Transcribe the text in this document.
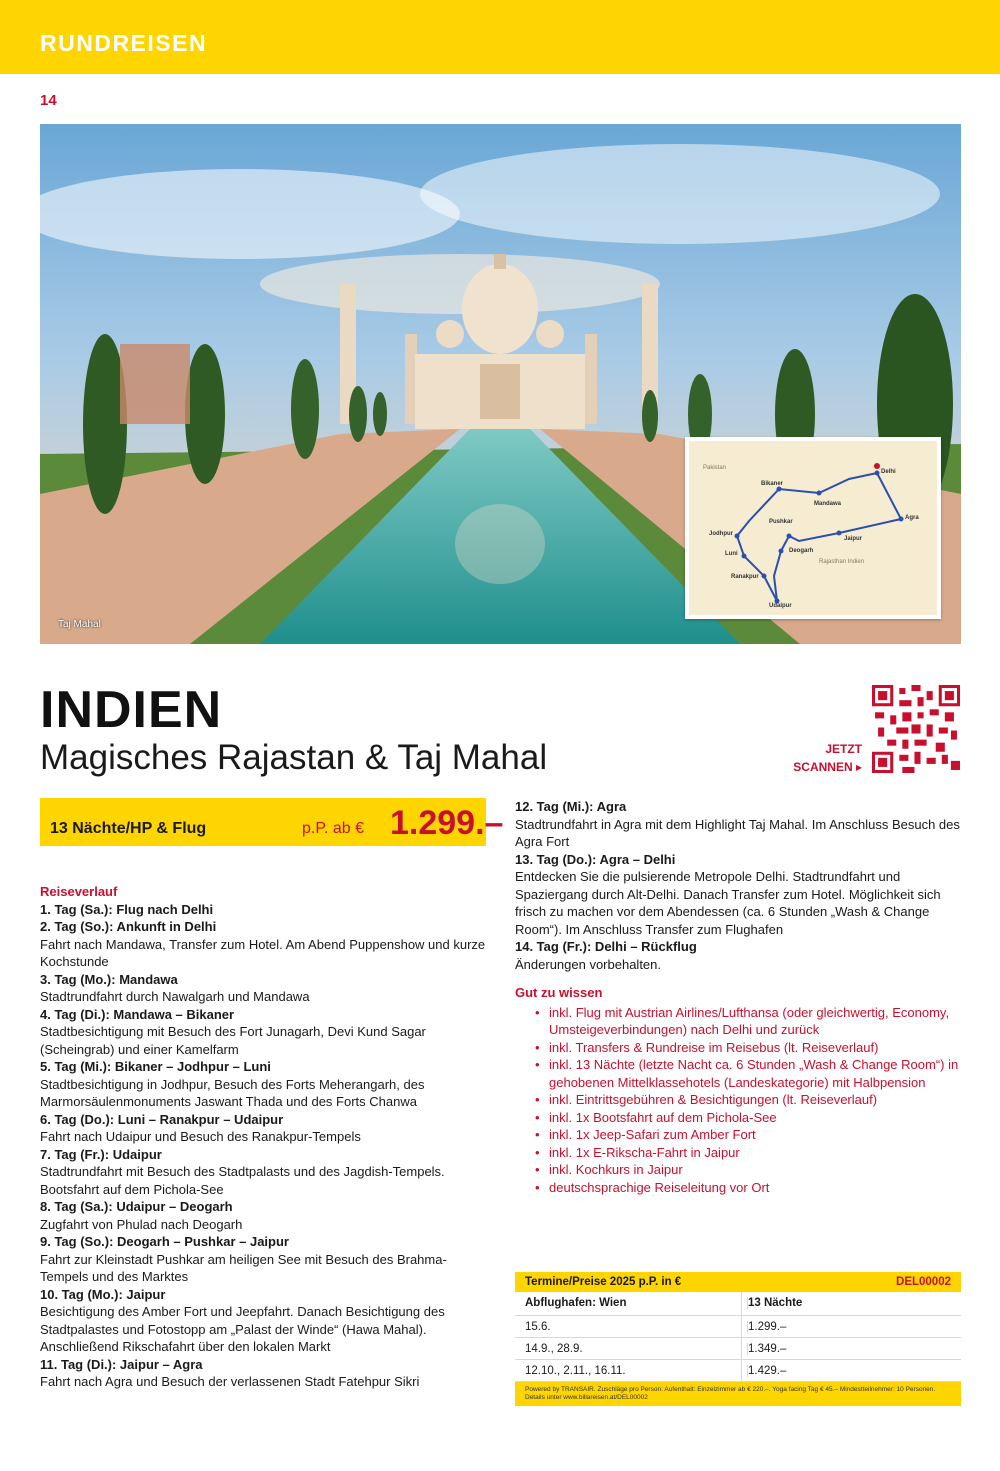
RUNDREISEN
14
Taj Mahal
Delhi
Mandawa
Bikaner
Pushkar
Jaipur
Agra
Jodhpur
Deogarh
Luni
Ranakpur
Udaipur
Pakistan
Rajasthan Indien
INDIEN
Magisches Rajastan & Taj Mahal	JETZT
SCANNEN ▸
13 Nächte/HP & Flug	p.P. ab € 1.299.–
Reiseverlauf
1. Tag (Sa.): Flug nach Delhi
2. Tag (So.): Ankunft in Delhi
Fahrt nach Mandawa, Transfer zum Hotel. Am Abend Puppenshow und kurze Kochstunde
3. Tag (Mo.): Mandawa
Stadtrundfahrt durch Nawalgarh und Mandawa
4. Tag (Di.): Mandawa – Bikaner
Stadtbesichtigung mit Besuch des Fort Junagarh, Devi Kund Sagar (Scheingrab) und einer Kamelfarm
5. Tag (Mi.): Bikaner – Jodhpur – Luni
Stadtbesichtigung in Jodhpur, Besuch des Forts Meherangarh, des Marmorsäulenmonuments Jaswant Thada und des Forts Chanwa
6. Tag (Do.): Luni – Ranakpur – Udaipur
Fahrt nach Udaipur und Besuch des Ranakpur-Tempels
7. Tag (Fr.): Udaipur
Stadtrundfahrt mit Besuch des Stadtpalasts und des Jagdish-Tempels. Bootsfahrt auf dem Pichola-See
8. Tag (Sa.): Udaipur – Deogarh
Zugfahrt von Phulad nach Deogarh
9. Tag (So.): Deogarh – Pushkar – Jaipur
Fahrt zur Kleinstadt Pushkar am heiligen See mit Besuch des Brahma-Tempels und des Marktes
10. Tag (Mo.): Jaipur
Besichtigung des Amber Fort und Jeepfahrt. Danach Besichtigung des Stadtpalastes und Fotostopp am „Palast der Winde“ (Hawa Mahal). Anschließend Rikschafahrt über den lokalen Markt
11. Tag (Di.): Jaipur – Agra
Fahrt nach Agra und Besuch der verlassenen Stadt Fatehpur Sikri
12. Tag (Mi.): Agra
Stadtrundfahrt in Agra mit dem Highlight Taj Mahal. Im Anschluss Besuch des Agra Fort
13. Tag (Do.): Agra – Delhi
Entdecken Sie die pulsierende Metropole Delhi. Stadtrundfahrt und Spaziergang durch Alt-Delhi. Danach Transfer zum Hotel. Möglichkeit sich frisch zu machen vor dem Abendessen (ca. 6 Stunden „Wash & Change Room“). Im Anschluss Transfer zum Flughafen
14. Tag (Fr.): Delhi – Rückflug
Änderungen vorbehalten.
Gut zu wissen
• inkl. Flug mit Austrian Airlines/Lufthansa (oder gleichwertig, Economy, Umsteigeverbindungen) nach Delhi und zurück
• inkl. Transfers & Rundreise im Reisebus (lt. Reiseverlauf)
• inkl. 13 Nächte (letzte Nacht ca. 6 Stunden „Wash & Change Room“) in gehobenen Mittelklassehotels (Landeskategorie) mit Halbpension
• inkl. Eintrittsgebühren & Besichtigungen (lt. Reiseverlauf)
• inkl. 1x Bootsfahrt auf dem Pichola-See
• inkl. 1x Jeep-Safari zum Amber Fort
• inkl. 1x E-Rikscha-Fahrt in Jaipur
• inkl. Kochkurs in Jaipur
• deutschsprachige Reiseleitung vor Ort
Termine/Preise 2025 p.P. in €	DEL00002
Abflughafen: Wien	13 Nächte
15.6.	1.299.–
14.9., 28.9.	1.349.–
12.10., 2.11., 16.11.	1.429.–
Powered by TRANSAIR. Zuschläge pro Person: Aufenthalt: Einzelzimmer ab € 220.–. Yoga facing Tag € 45.– Mindestteilnehmer: 10 Personen. Details unter www.billareisen.at/DEL00002
